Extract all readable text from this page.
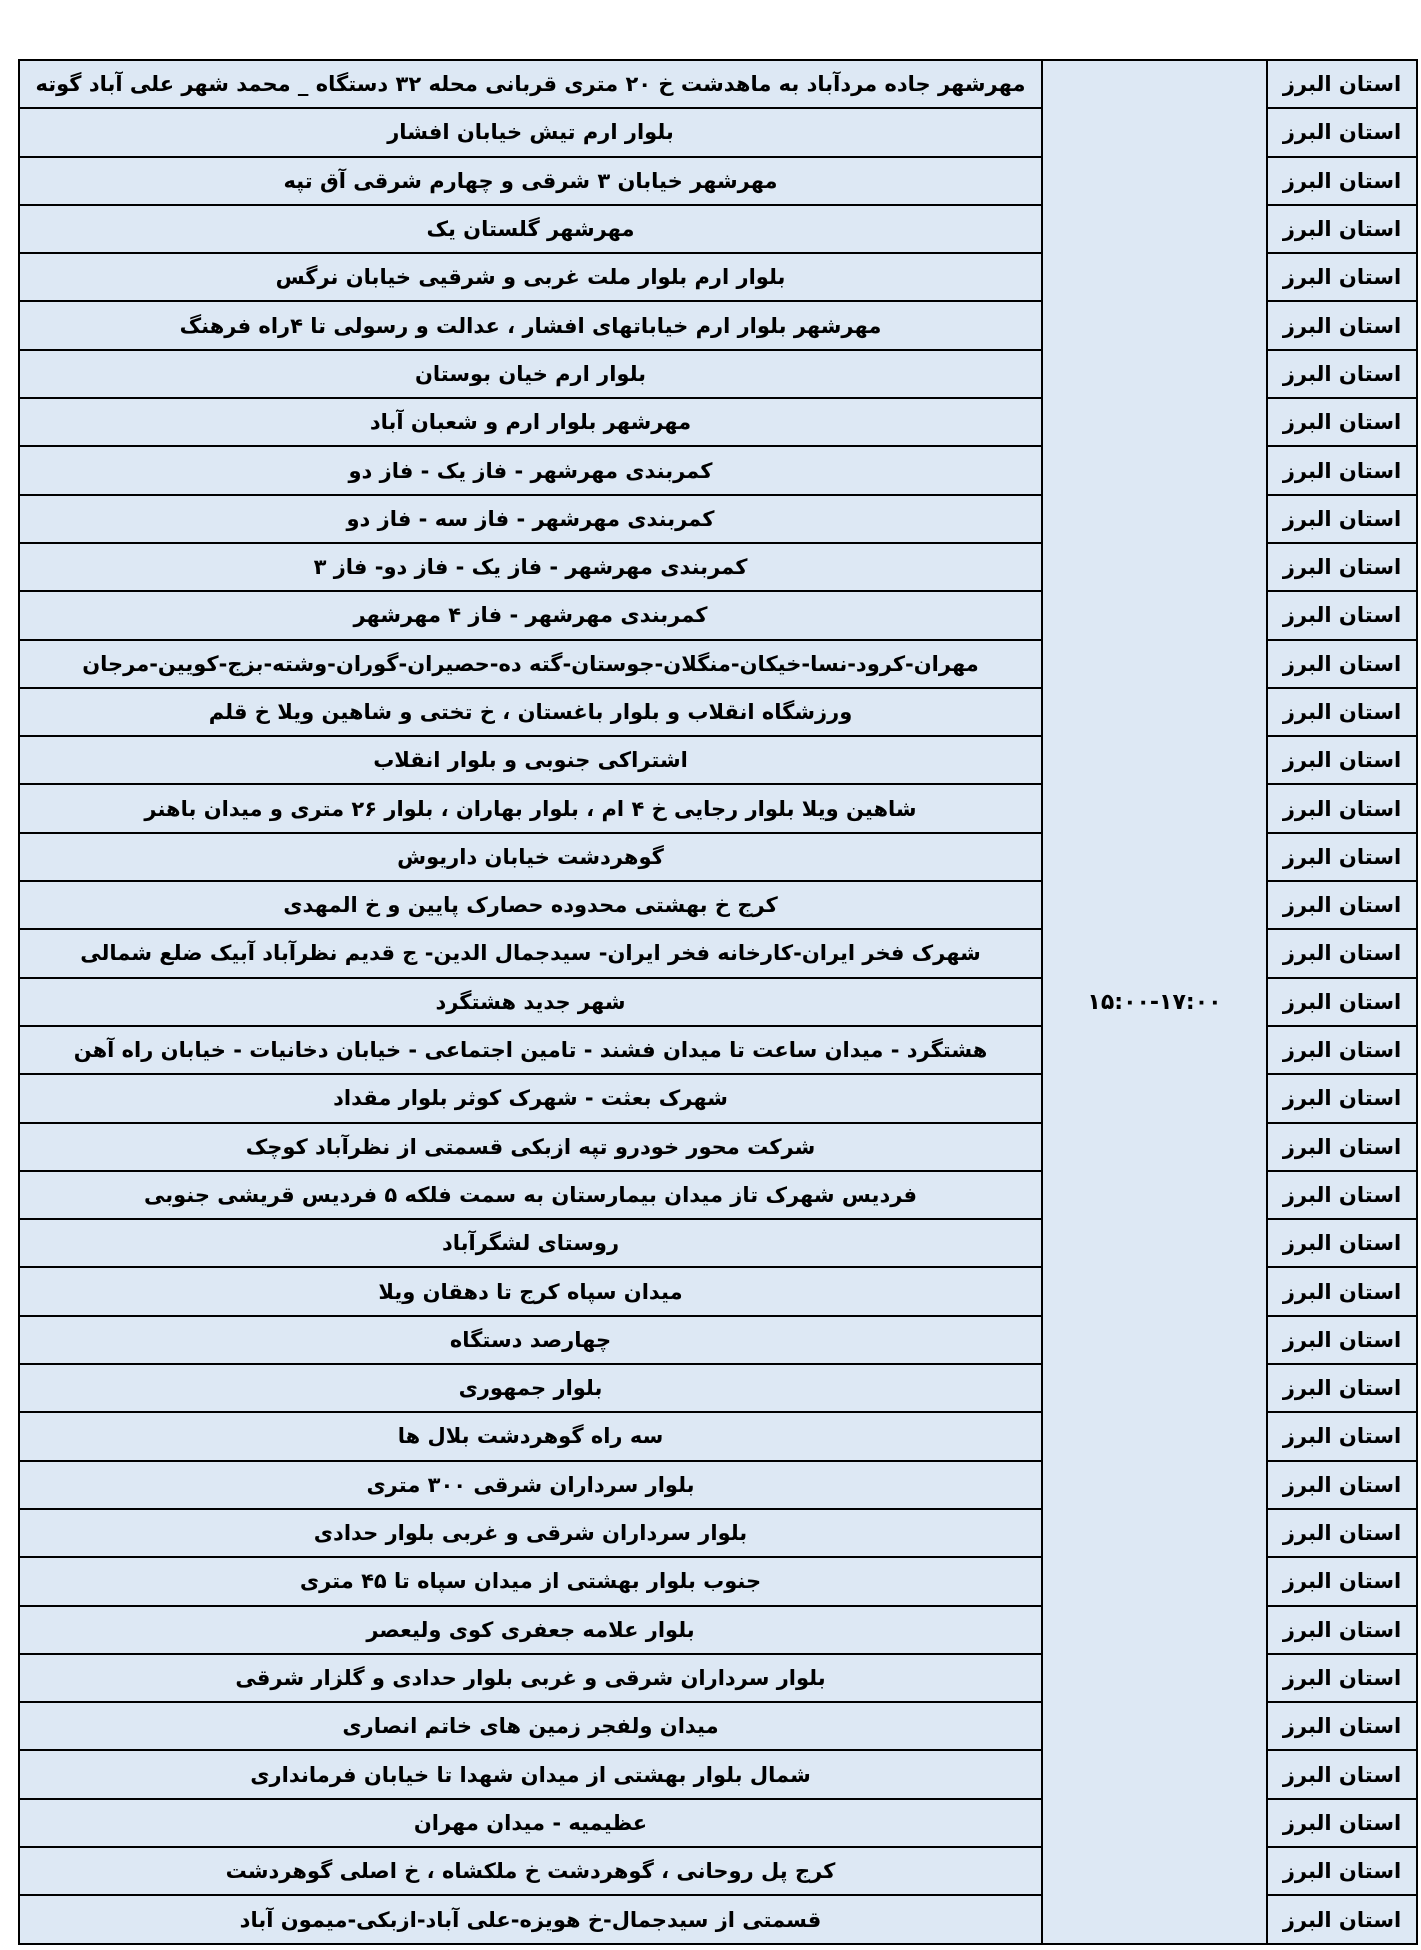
استان البرز	۱۵:۰۰-۱۷:۰۰	مهرشهر جاده مردآباد به ماهدشت خ ۲۰ متری قربانی محله ۳۲ دستگاه _ محمد شهر علی آباد گوته
استان البرز		بلوار ارم تیش خیابان افشار
استان البرز		مهرشهر خیابان ۳ شرقی و چهارم شرقی آق تپه
استان البرز		مهرشهر گلستان یک
استان البرز		بلوار ارم بلوار ملت غربی و شرقیی خیابان نرگس
استان البرز		مهرشهر بلوار ارم خیاباتهای افشار ، عدالت و رسولی تا ۴راه فرهنگ
استان البرز		بلوار ارم خیان بوستان
استان البرز		مهرشهر بلوار ارم و شعبان آباد
استان البرز		کمربندی مهرشهر - فاز یک - فاز دو
استان البرز		کمربندی مهرشهر - فاز سه - فاز دو
استان البرز		کمربندی مهرشهر - فاز یک - فاز دو- فاز ۳
استان البرز		کمربندی مهرشهر - فاز ۴ مهرشهر
استان البرز		مهران-کرود-نسا-خیکان-منگلان-جوستان-گته ده-حصیران-گوران-وشته-بزج-کویین-مرجان
استان البرز		ورزشگاه انقلاب و بلوار باغستان ، خ تختی و شاهین ویلا خ قلم
استان البرز		اشتراکی جنوبی و بلوار انقلاب
استان البرز		شاهین ویلا بلوار رجایی خ ۴ ام ، بلوار بهاران ، بلوار ۲۶ متری و میدان باهنر
استان البرز		گوهردشت خیابان داریوش
استان البرز		کرج خ بهشتی محدوده حصارک پایین و خ المهدی
استان البرز		شهرک فخر ایران-کارخانه فخر ایران- سیدجمال الدین- ج قدیم نظرآباد آبیک ضلع شمالی
استان البرز		شهر جدید هشتگرد
استان البرز		هشتگرد - میدان ساعت تا میدان فشند - تامین اجتماعی - خیابان دخانیات - خیابان راه آهن
استان البرز		شهرک بعثت - شهرک کوثر بلوار مقداد
استان البرز		شرکت محور خودرو تپه ازبکی قسمتی از نظرآباد کوچک
استان البرز		فردیس شهرک تاز میدان بیمارستان به سمت فلکه ۵ فردیس قریشی جنوبی
استان البرز		روستای لشگرآباد
استان البرز		میدان سپاه کرج تا دهقان ویلا
استان البرز		چهارصد دستگاه
استان البرز		بلوار جمهوری
استان البرز		سه راه گوهردشت بلال ها
استان البرز		بلوار سرداران شرقی ۳۰۰ متری
استان البرز		بلوار سرداران شرقی و غربی بلوار حدادی
استان البرز		جنوب بلوار بهشتی از میدان سپاه تا ۴۵ متری
استان البرز		بلوار علامه جعفری کوی ولیعصر
استان البرز		بلوار سرداران شرقی و غربی بلوار حدادی و گلزار شرقی
استان البرز		میدان ولفجر زمین های خاتم انصاری
استان البرز		شمال بلوار بهشتی از میدان شهدا تا خیابان فرمانداری
استان البرز		عظیمیه - میدان مهران
استان البرز		کرج پل روحانی ، گوهردشت خ ملکشاه ، خ اصلی گوهردشت
استان البرز		قسمتی از سیدجمال-خ هویزه-علی آباد-ازبکی-میمون آباد
